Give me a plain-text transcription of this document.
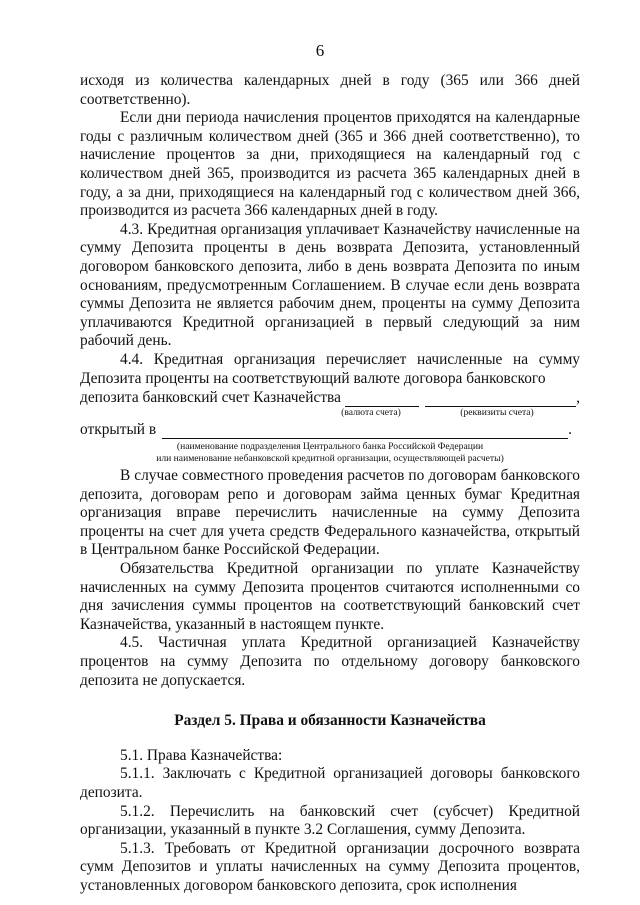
6

исходя из количества календарных дней в году (365 или 366 дней соответственно).

Если дни периода начисления процентов приходятся на календарные годы с различным количеством дней (365 и 366 дней соответственно), то начисление процентов за дни, приходящиеся на календарный год с количеством дней 365, производится из расчета 365 календарных дней в году, а за дни, приходящиеся на календарный год с количеством дней 366, производится из расчета 366 календарных дней в году.

4.3. Кредитная организация уплачивает Казначейству начисленные на сумму Депозита проценты в день возврата Депозита, установленный договором банковского депозита, либо в день возврата Депозита по иным основаниям, предусмотренным Соглашением. В случае если день возврата суммы Депозита не является рабочим днем, проценты на сумму Депозита уплачиваются Кредитной организацией в первый следующий за ним рабочий день.

4.4. Кредитная организация перечисляет начисленные на сумму Депозита проценты на соответствующий валюте договора банковского

депозита банковский счет Казначейства	,
(валюта счета)	(реквизиты счета)
открытый в	.
(наименование подразделения Центрального банка Российской Федерации
или наименование небанковской кредитной организации, осуществляющей расчеты)

В случае совместного проведения расчетов по договорам банковского депозита, договорам репо и договорам займа ценных бумаг Кредитная организация вправе перечислить начисленные на сумму Депозита проценты на счет для учета средств Федерального казначейства, открытый в Центральном банке Российской Федерации.

Обязательства Кредитной организации по уплате Казначейству начисленных на сумму Депозита процентов считаются исполненными со дня зачисления суммы процентов на соответствующий банковский счет Казначейства, указанный в настоящем пункте.

4.5. Частичная уплата Кредитной организацией Казначейству процентов на сумму Депозита по отдельному договору банковского депозита не допускается.

Раздел 5. Права и обязанности Казначейства

5.1. Права Казначейства:

5.1.1. Заключать с Кредитной организацией договоры банковского депозита.

5.1.2. Перечислить на банковский счет (субсчет) Кредитной организации, указанный в пункте 3.2 Соглашения, сумму Депозита.

5.1.3. Требовать от Кредитной организации досрочного возврата сумм Депозитов и уплаты начисленных на сумму Депозита процентов, установленных договором банковского депозита, срок исполнения
